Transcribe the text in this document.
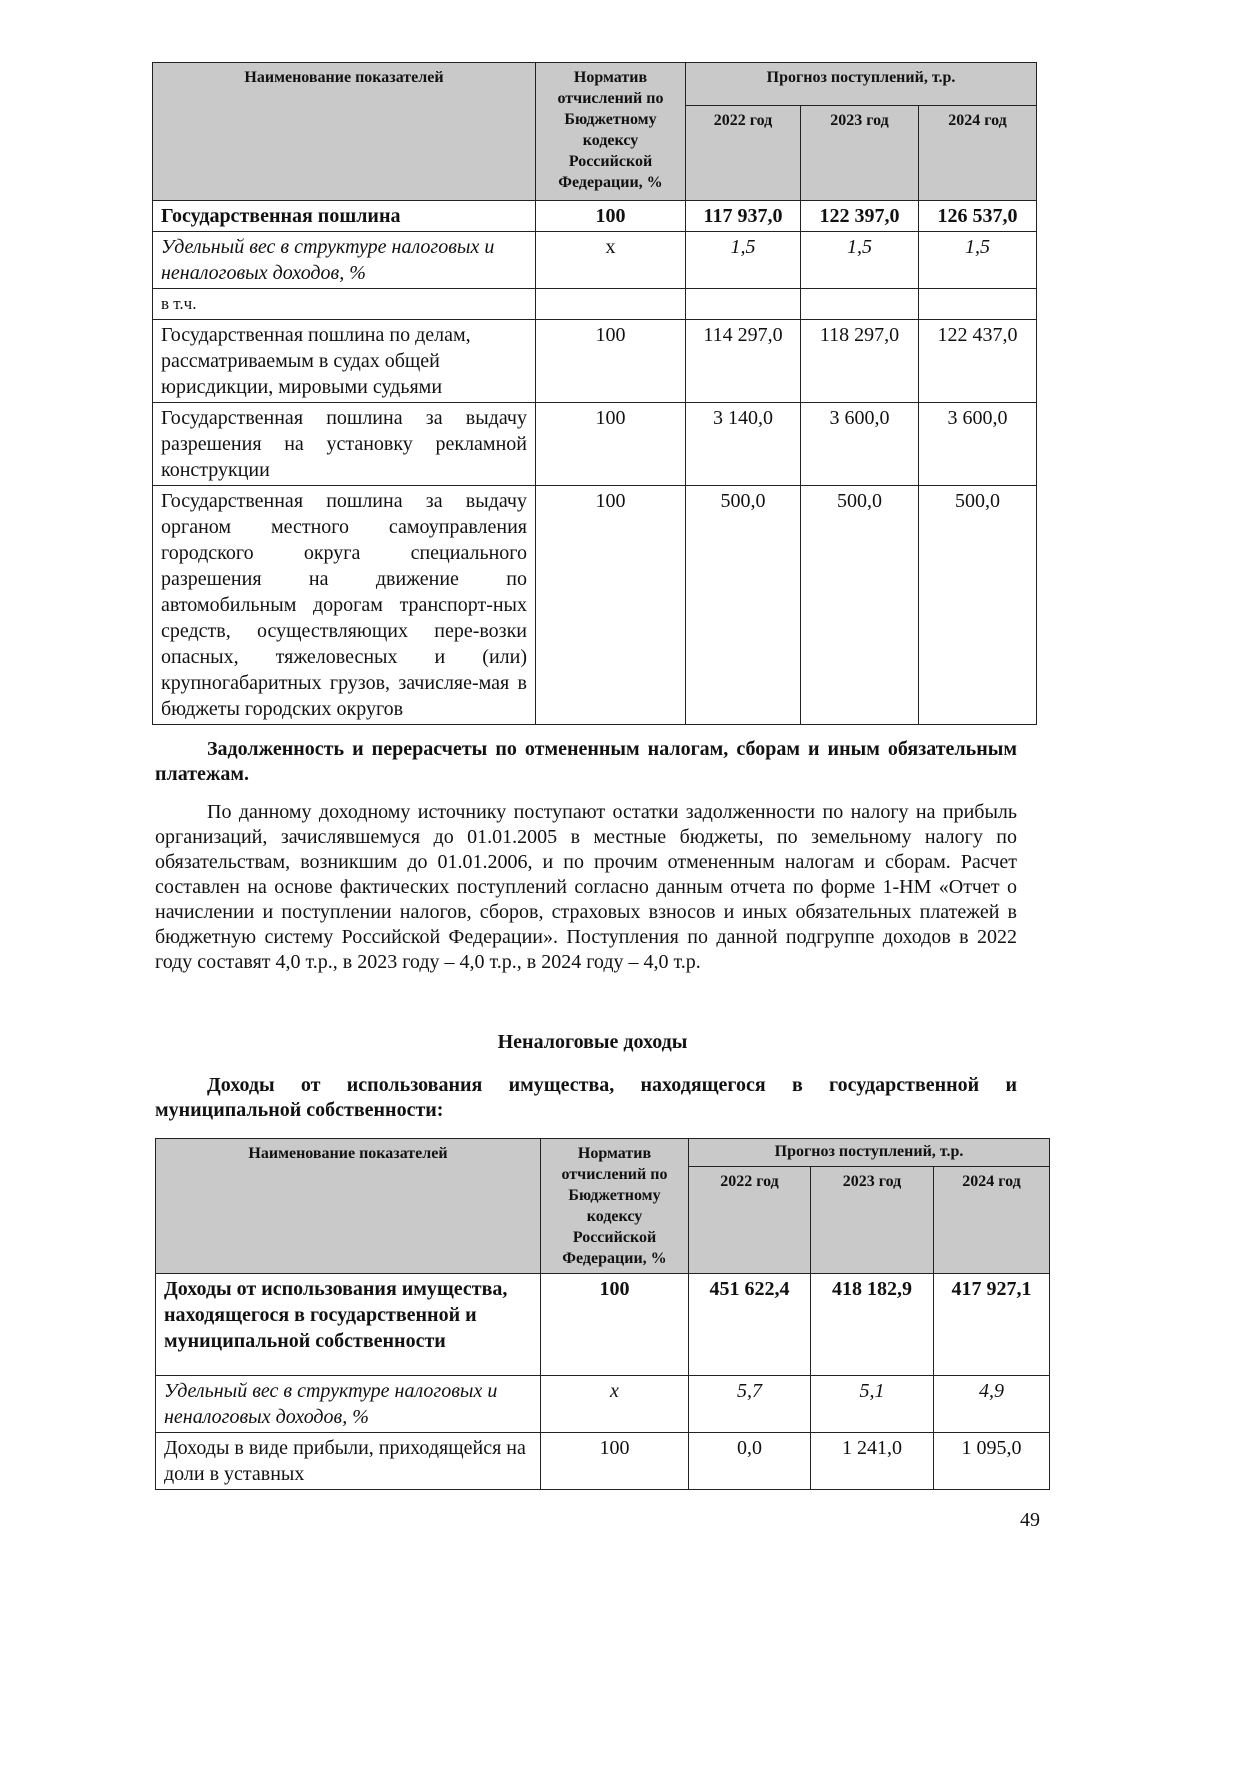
Наименование показателей	Норматив отчислений по Бюджетному кодексу Российской Федерации, %	Прогноз поступлений, т.р.		
		2022 год	2023 год	2024 год
Государственная пошлина	100	117 937,0	122 397,0	126 537,0
Удельный вес в структуре налоговых и неналоговых доходов, %	х	1,5	1,5	1,5
в т.ч.				
Государственная пошлина по делам, рассматриваемым в судах общей юрисдикции, мировыми судьями	100	114 297,0	118 297,0	122 437,0
Государственная пошлина за выдачу разрешения на установку рекламной конструкции	100	3 140,0	3 600,0	3 600,0
Государственная пошлина за выдачу органом местного самоуправления городского округа специального разрешения на движение по автомобильным дорогам транспорт-ных средств, осуществляющих пере-возки опасных, тяжеловесных и (или) крупногабаритных грузов, зачисляе-мая в бюджеты городских округов	100	500,0	500,0	500,0
Задолженность и перерасчеты по отмененным налогам, сборам и иным обязательным платежам.
По данному доходному источнику поступают остатки задолженности по налогу на прибыль организаций, зачислявшемуся до 01.01.2005 в местные бюджеты, по земельному налогу по обязательствам, возникшим до 01.01.2006, и по прочим отмененным налогам и сборам. Расчет составлен на основе фактических поступлений согласно данным отчета по форме 1-НМ «Отчет о начислении и поступлении налогов, сборов, страховых взносов и иных обязательных платежей в бюджетную систему Российской Федерации». Поступления по данной подгруппе доходов в 2022 году составят 4,0 т.р., в 2023 году – 4,0 т.р., в 2024 году – 4,0 т.р.
Неналоговые доходы
Доходы от использования имущества, находящегося в государственной и муниципальной собственности:
Наименование показателей	Норматив отчислений по Бюджетному кодексу Российской Федерации, %	Прогноз поступлений, т.р.		
		2022 год	2023 год	2024 год
Доходы от использования имущества, находящегося в государственной и муниципальной собственности	100	451 622,4	418 182,9	417 927,1
Удельный вес в структуре налоговых и неналоговых доходов, %	х	5,7	5,1	4,9
Доходы в виде прибыли, приходящейся на доли в уставных	100	0,0	1 241,0	1 095,0
49
